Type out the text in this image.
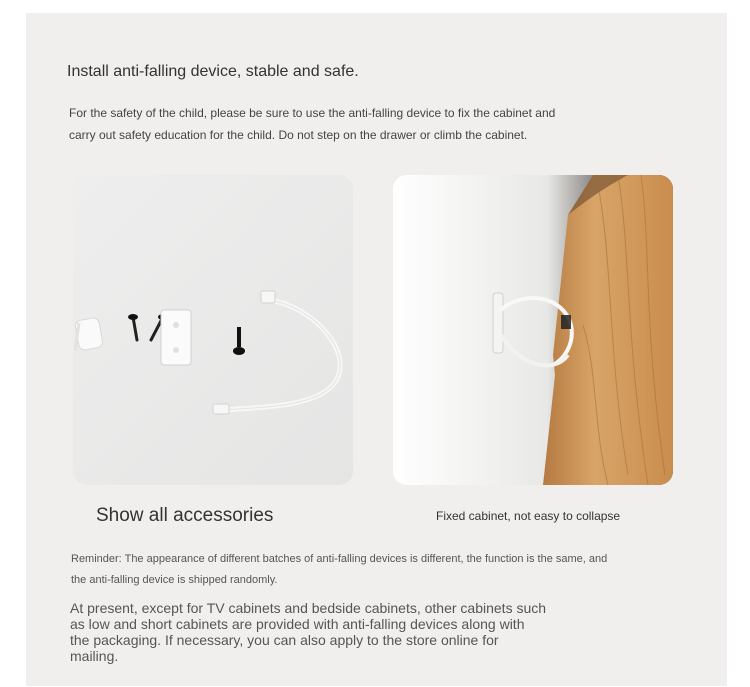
Install anti-falling device, stable and safe.
For the safety of the child, please be sure to use the anti-falling device to fix the cabinet and
carry out safety education for the child. Do not step on the drawer or climb the cabinet.
Show all accessories	Fixed cabinet, not easy to collapse
Reminder: The appearance of different batches of anti-falling devices is different, the function is the same, and
the anti-falling device is shipped randomly.
At present, except for TV cabinets and bedside cabinets, other cabinets such
as low and short cabinets are provided with anti-falling devices along with
the packaging. If necessary, you can also apply to the store online for
mailing.
